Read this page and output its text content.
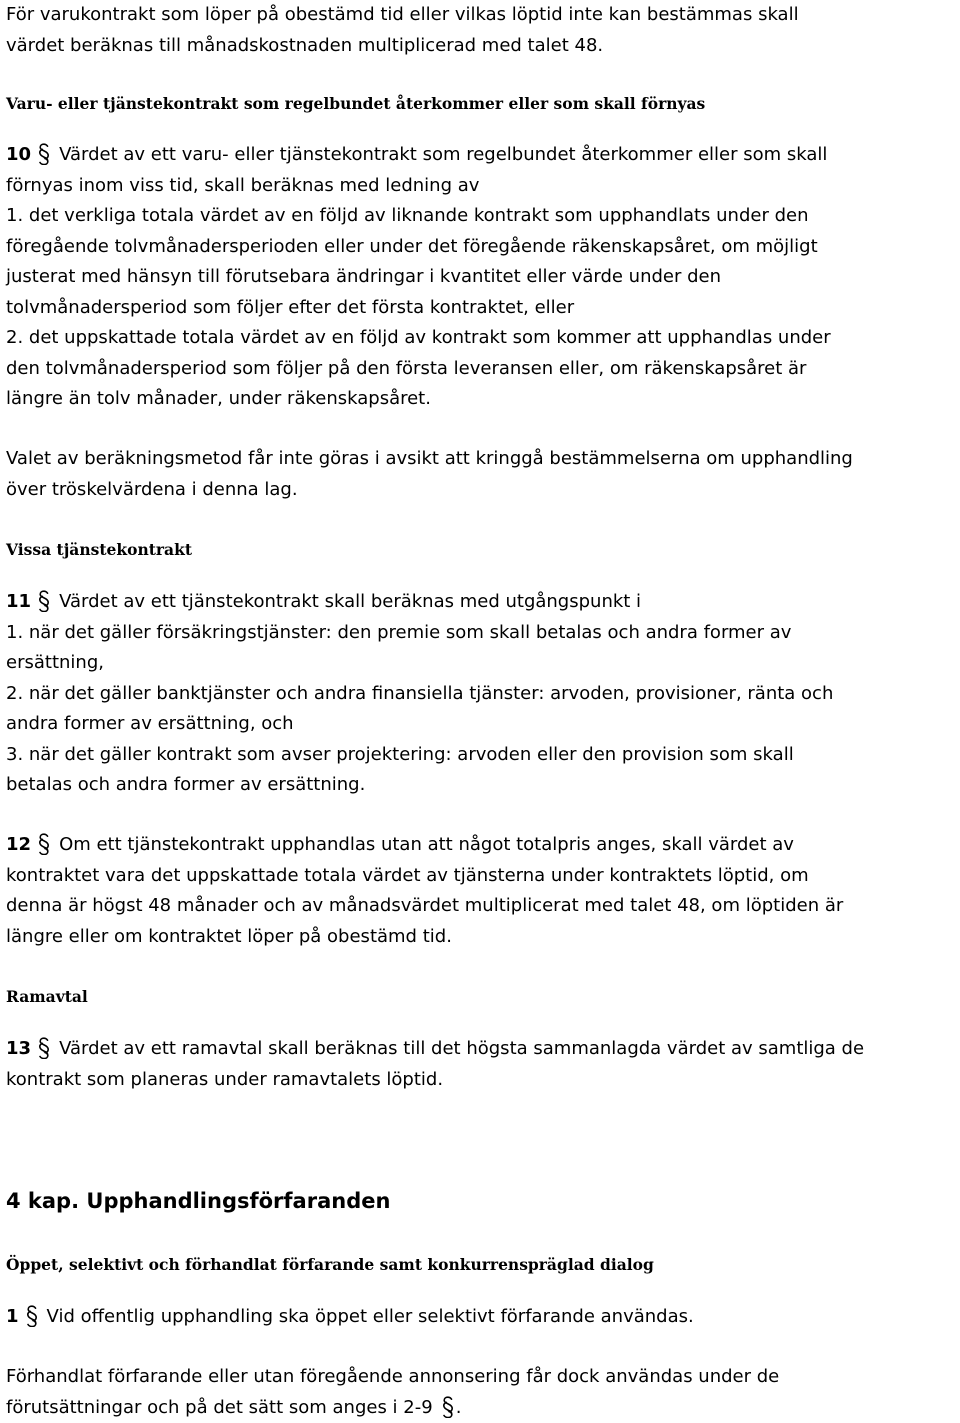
För varukontrakt som löper på obestämd tid eller vilkas löptid inte kan bestämmas skall
värdet beräknas till månadskostnaden multiplicerad med talet 48.
Varu- eller tjänstekontrakt som regelbundet återkommer eller som skall förnyas
10 Värdet av ett varu- eller tjänstekontrakt som regelbundet återkommer eller som skall
förnyas inom viss tid, skall beräknas med ledning av
1. det verkliga totala värdet av en följd av liknande kontrakt som upphandlats under den
föregående tolvmånadersperioden eller under det föregående räkenskapsåret, om möjligt
justerat med hänsyn till förutsebara ändringar i kvantitet eller värde under den
tolvmånadersperiod som följer efter det första kontraktet, eller
2. det uppskattade totala värdet av en följd av kontrakt som kommer att upphandlas under
den tolvmånadersperiod som följer på den första leveransen eller, om räkenskapsåret är
längre än tolv månader, under räkenskapsåret.
Valet av beräkningsmetod får inte göras i avsikt att kringgå bestämmelserna om upphandling
över tröskelvärdena i denna lag.
Vissa tjänstekontrakt
11 Värdet av ett tjänstekontrakt skall beräknas med utgångspunkt i
1. när det gäller försäkringstjänster: den premie som skall betalas och andra former av
ersättning,
2. när det gäller banktjänster och andra finansiella tjänster: arvoden, provisioner, ränta och
andra former av ersättning, och
3. när det gäller kontrakt som avser projektering: arvoden eller den provision som skall
betalas och andra former av ersättning.
12 Om ett tjänstekontrakt upphandlas utan att något totalpris anges, skall värdet av
kontraktet vara det uppskattade totala värdet av tjänsterna under kontraktets löptid, om
denna är högst 48 månader och av månadsvärdet multiplicerat med talet 48, om löptiden är
längre eller om kontraktet löper på obestämd tid.
Ramavtal
13 Värdet av ett ramavtal skall beräknas till det högsta sammanlagda värdet av samtliga de
kontrakt som planeras under ramavtalets löptid.
4 kap. Upphandlingsförfaranden
Öppet, selektivt och förhandlat förfarande samt konkurrenspräglad dialog
1 Vid offentlig upphandling ska öppet eller selektivt förfarande användas.
Förhandlat förfarande eller utan föregående annonsering får dock användas under de
förutsättningar och på det sätt som anges i 2-9 .
